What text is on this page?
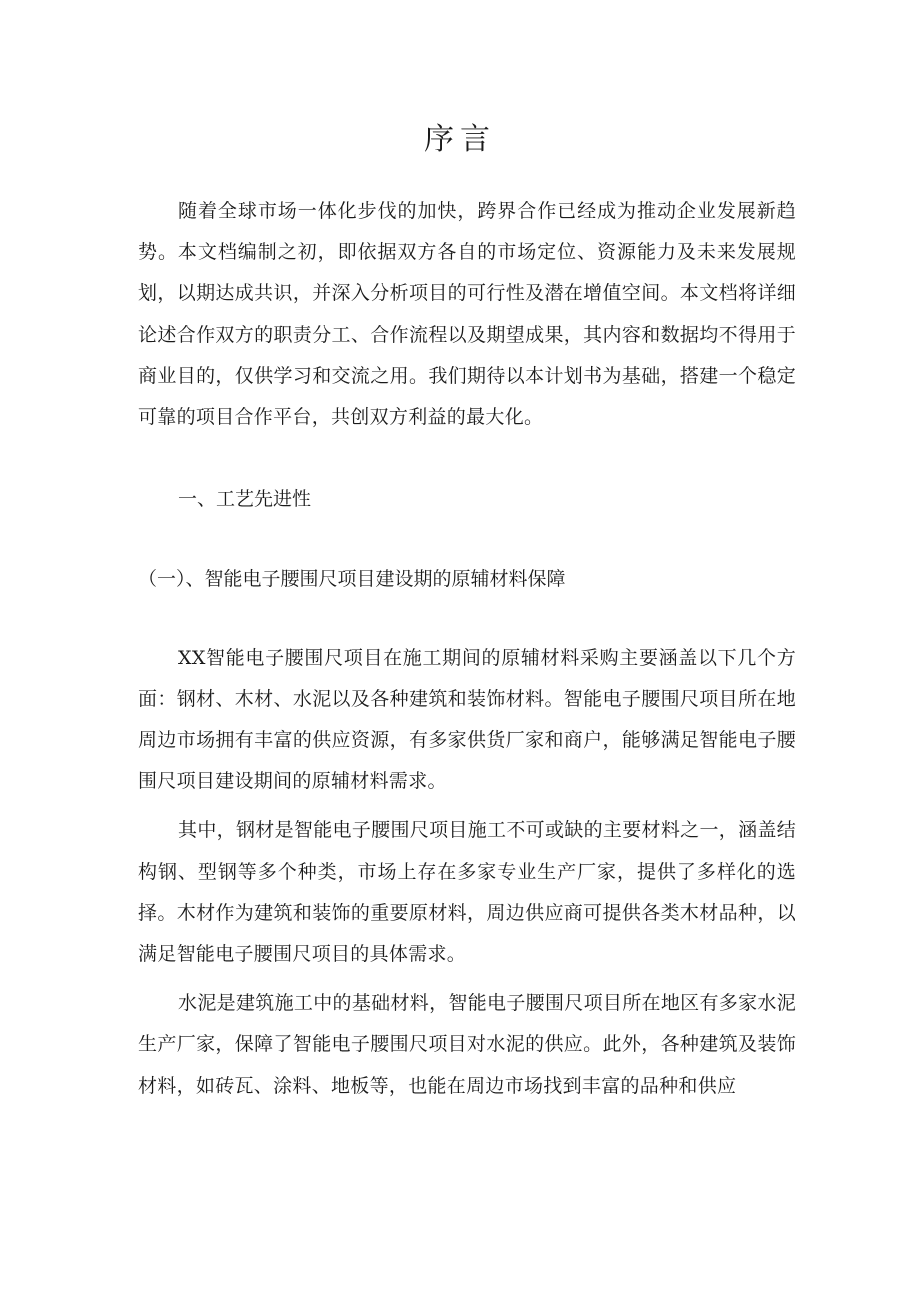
序言

随着全球市场一体化步伐的加快，跨界合作已经成为推动企业发展新趋势。本文档编制之初，即依据双方各自的市场定位、资源能力及未来发展规划，以期达成共识，并深入分析项目的可行性及潜在增值空间。本文档将详细论述合作双方的职责分工、合作流程以及期望成果，其内容和数据均不得用于商业目的，仅供学习和交流之用。我们期待以本计划书为基础，搭建一个稳定可靠的项目合作平台，共创双方利益的最大化。

一、工艺先进性
（一）、智能电子腰围尺项目建设期的原辅材料保障

XX智能电子腰围尺项目在施工期间的原辅材料采购主要涵盖以下几个方面：钢材、木材、水泥以及各种建筑和装饰材料。智能电子腰围尺项目所在地周边市场拥有丰富的供应资源，有多家供货厂家和商户，能够满足智能电子腰围尺项目建设期间的原辅材料需求。

其中，钢材是智能电子腰围尺项目施工不可或缺的主要材料之一，涵盖结构钢、型钢等多个种类，市场上存在多家专业生产厂家，提供了多样化的选择。木材作为建筑和装饰的重要原材料，周边供应商可提供各类木材品种，以满足智能电子腰围尺项目的具体需求。

水泥是建筑施工中的基础材料，智能电子腰围尺项目所在地区有多家水泥生产厂家，保障了智能电子腰围尺项目对水泥的供应。此外，各种建筑及装饰材料，如砖瓦、涂料、地板等，也能在周边市场找到丰富的品种和供应
